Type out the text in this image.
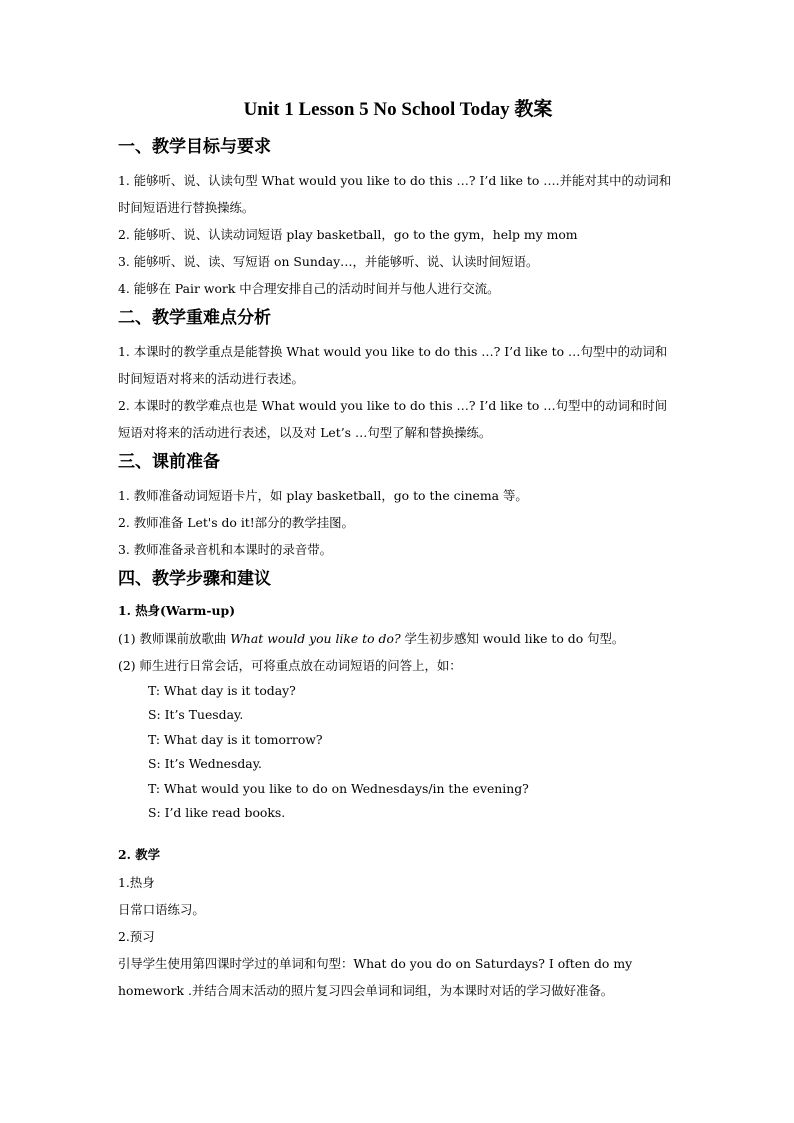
Unit 1 Lesson 5 No School Today 教案
一、教学目标与要求

1. 能够听、说、认读句型 What would you like to do this …? I’d like to ….并能对其中的动词和时间短语进行替换操练。

2. 能够听、说、认读动词短语 play basketball，go to the gym，help my mom

3. 能够听、说、读、写短语 on Sunday…，并能够听、说、认读时间短语。

4. 能够在 Pair work 中合理安排自己的活动时间并与他人进行交流。

二、教学重难点分析

1. 本课时的教学重点是能替换 What would you like to do this …? I’d like to …句型中的动词和时间短语对将来的活动进行表述。

2. 本课时的教学难点也是 What would you like to do this …? I’d like to …句型中的动词和时间短语对将来的活动进行表述，以及对 Let’s …句型了解和替换操练。

三、课前准备

1. 教师准备动词短语卡片，如 play basketball，go to the cinema 等。

2. 教师准备 Let's do it!部分的教学挂图。

3. 教师准备录音机和本课时的录音带。

四、教学步骤和建议
1. 热身(Warm-up)

(1) 教师课前放歌曲 What would you like to do? 学生初步感知 would like to do 句型。

(2) 师生进行日常会话，可将重点放在动词短语的问答上，如：

T: What day is it today?

S: It’s Tuesday.

T: What day is it tomorrow?

S: It’s Wednesday.

T: What would you like to do on Wednesdays/in the evening?

S: I’d like read books.

2. 教学

1.热身

日常口语练习。

2.预习

引导学生使用第四课时学过的单词和句型：What do you do on Saturdays? I often do my homework .并结合周末活动的照片复习四会单词和词组，为本课时对话的学习做好准备。
